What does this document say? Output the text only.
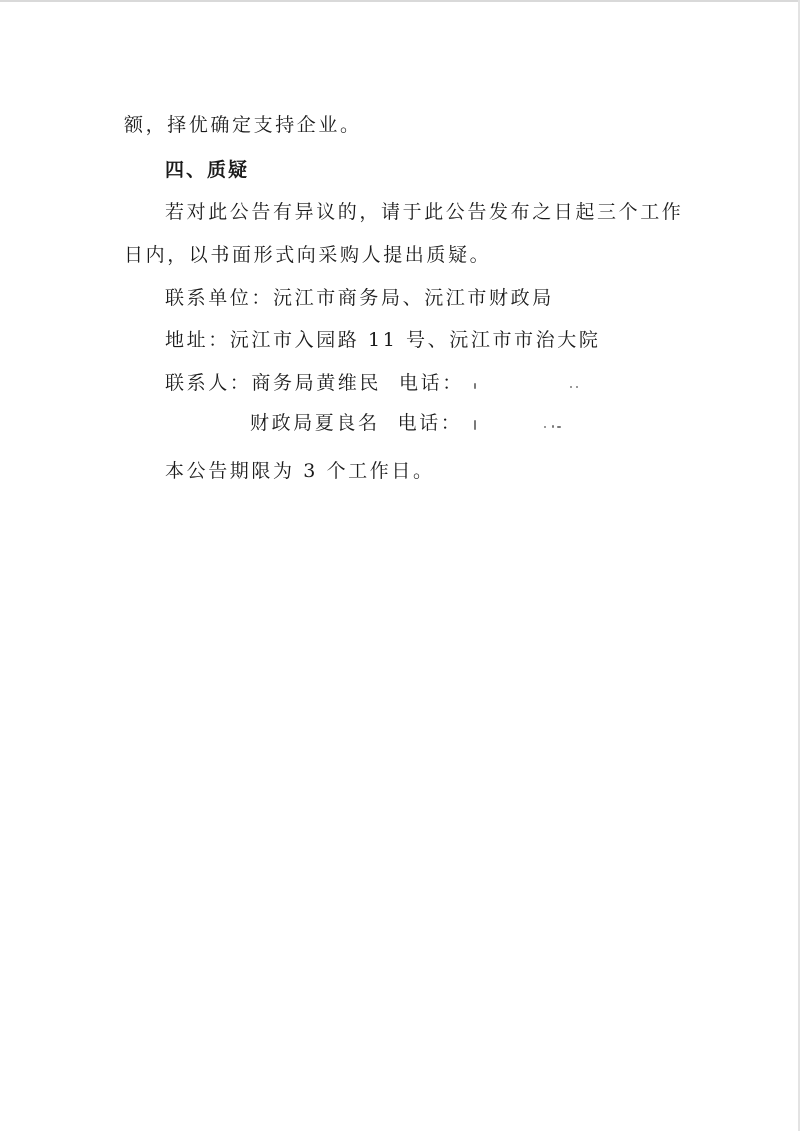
额，择优确定支持企业。
四、质疑
若对此公告有异议的，请于此公告发布之日起三个工作
日内，以书面形式向采购人提出质疑。
联系单位：沅江市商务局、沅江市财政局
地址：沅江市入园路 11 号、沅江市市治大院
联系人：商务局黄维民 电话：
财政局夏良名 电话：
本公告期限为 3 个工作日。
